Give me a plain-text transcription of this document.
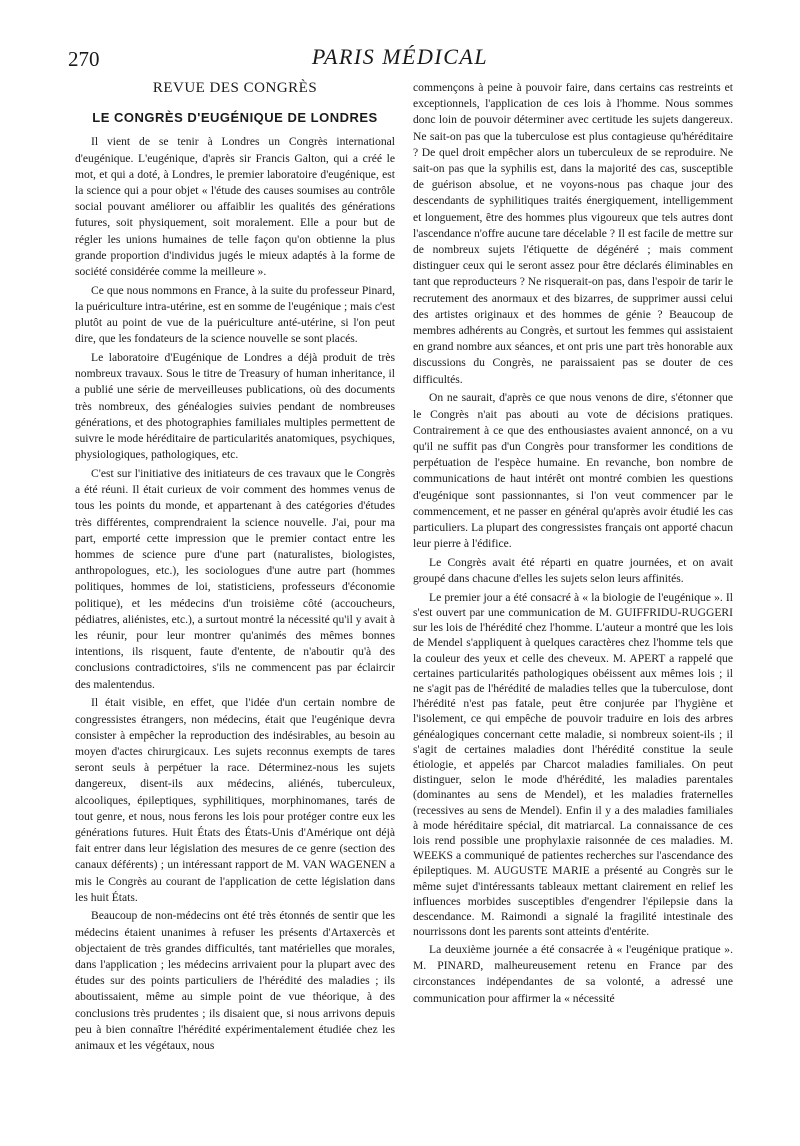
270	PARIS MÉDICAL
REVUE DES CONGRÈS
LE CONGRÈS D'EUGÉNIQUE DE LONDRES

Il vient de se tenir à Londres un Congrès international d'eugénique. L'eugénique, d'après sir Francis Galton, qui a créé le mot, et qui a doté, à Londres, le premier laboratoire d'eugénique, est la science qui a pour objet « l'étude des causes soumises au contrôle social pouvant améliorer ou affaiblir les qualités des générations futures, soit physiquement, soit moralement. Elle a pour but de régler les unions humaines de telle façon qu'on obtienne la plus grande proportion d'individus jugés le mieux adaptés à la forme de société considérée comme la meilleure ».

Ce que nous nommons en France, à la suite du professeur Pinard, la puériculture intra-utérine, est en somme de l'eugénique ; mais c'est plutôt au point de vue de la puériculture anté-utérine, si l'on peut dire, que les fondateurs de la science nouvelle se sont placés.

Le laboratoire d'Eugénique de Londres a déjà produit de très nombreux travaux. Sous le titre de Treasury of human inheritance, il a publié une série de merveilleuses publications, où des documents très nombreux, des généalogies suivies pendant de nombreuses générations, et des photographies familiales multiples permettent de suivre le mode héréditaire de particularités anatomiques, psychiques, physiologiques, pathologiques, etc.

C'est sur l'initiative des initiateurs de ces travaux que le Congrès a été réuni. Il était curieux de voir comment des hommes venus de tous les points du monde, et appartenant à des catégories d'études très différentes, comprendraient la science nouvelle. J'ai, pour ma part, emporté cette impression que le premier contact entre les hommes de science pure d'une part (naturalistes, biologistes, anthropologues, etc.), les sociologues d'une autre part (hommes politiques, hommes de loi, statisticiens, professeurs d'économie politique), et les médecins d'un troisième côté (accoucheurs, pédiatres, aliénistes, etc.), a surtout montré la nécessité qu'il y avait à les réunir, pour leur montrer qu'animés des mêmes bonnes intentions, ils risquent, faute d'entente, de n'aboutir qu'à des conclusions contradictoires, s'ils ne commencent pas par éclaircir des malentendus.

Il était visible, en effet, que l'idée d'un certain nombre de congressistes étrangers, non médecins, était que l'eugénique devra consister à empêcher la reproduction des indésirables, au besoin au moyen d'actes chirurgicaux. Les sujets reconnus exempts de tares seront seuls à perpétuer la race. Déterminez-nous les sujets dangereux, disent-ils aux médecins, aliénés, tuberculeux, alcooliques, épileptiques, syphilitiques, morphinomanes, tarés de tout genre, et nous, nous ferons les lois pour protéger contre eux les générations futures. Huit États des États-Unis d'Amérique ont déjà fait entrer dans leur législation des mesures de ce genre (section des canaux déférents) ; un intéressant rapport de M. VAN WAGENEN a mis le Congrès au courant de l'application de cette législation dans les huit États.

Beaucoup de non-médecins ont été très étonnés de sentir que les médecins étaient unanimes à refuser les présents d'Artaxercès et objectaient de très grandes difficultés, tant matérielles que morales, dans l'application ; les médecins arrivaient pour la plupart avec des études sur des points particuliers de l'hérédité des maladies ; ils aboutissaient, même au simple point de vue théorique, à des conclusions très prudentes ; ils disaient que, si nous arrivons depuis peu à bien connaître l'hérédité expérimentalement étudiée chez les animaux et les végétaux, nous

commençons à peine à pouvoir faire, dans certains cas restreints et exceptionnels, l'application de ces lois à l'homme. Nous sommes donc loin de pouvoir déterminer avec certitude les sujets dangereux. Ne sait-on pas que la tuberculose est plus contagieuse qu'héréditaire ? De quel droit empêcher alors un tuberculeux de se reproduire. Ne sait-on pas que la syphilis est, dans la majorité des cas, susceptible de guérison absolue, et ne voyons-nous pas chaque jour des descendants de syphilitiques traités énergiquement, intelligemment et longuement, être des hommes plus vigoureux que tels autres dont l'ascendance n'offre aucune tare décelable ? Il est facile de mettre sur de nombreux sujets l'étiquette de dégénéré ; mais comment distinguer ceux qui le seront assez pour être déclarés éliminables en tant que reproducteurs ? Ne risquerait-on pas, dans l'espoir de tarir le recrutement des anormaux et des bizarres, de supprimer aussi celui des artistes originaux et des hommes de génie ? Beaucoup de membres adhérents au Congrès, et surtout les femmes qui assistaient en grand nombre aux séances, et ont pris une part très honorable aux discussions du Congrès, ne paraissaient pas se douter de ces difficultés.

On ne saurait, d'après ce que nous venons de dire, s'étonner que le Congrès n'ait pas abouti au vote de décisions pratiques. Contrairement à ce que des enthousiastes avaient annoncé, on a vu qu'il ne suffit pas d'un Congrès pour transformer les conditions de perpétuation de l'espèce humaine. En revanche, bon nombre de communications de haut intérêt ont montré combien les questions d'eugénique sont passionnantes, si l'on veut commencer par le commencement, et ne passer en général qu'après avoir étudié les cas particuliers. La plupart des congressistes français ont apporté chacun leur pierre à l'édifice.

Le Congrès avait été réparti en quatre journées, et on avait groupé dans chacune d'elles les sujets selon leurs affinités.

Le premier jour a été consacré à « la biologie de l'eugénique ». Il s'est ouvert par une communication de M. GUIFFRIDU-RUGGERI sur les lois de l'hérédité chez l'homme. L'auteur a montré que les lois de Mendel s'appliquent à quelques caractères chez l'homme tels que la couleur des yeux et celle des cheveux. M. APERT a rappelé que certaines particularités pathologiques obéissent aux mêmes lois ; il ne s'agit pas de l'hérédité de maladies telles que la tuberculose, dont l'hérédité n'est pas fatale, peut être conjurée par l'hygiène et l'isolement, ce qui empêche de pouvoir traduire en lois des arbres généalogiques concernant cette maladie, si nombreux soient-ils ; il s'agit de certaines maladies dont l'hérédité constitue la seule étiologie, et appelés par Charcot maladies familiales. On peut distinguer, selon le mode d'hérédité, les maladies parentales (dominantes au sens de Mendel), et les maladies fraternelles (recessives au sens de Mendel). Enfin il y a des maladies familiales à mode héréditaire spécial, dit matriarcal. La connaissance de ces lois rend possible une prophylaxie raisonnée de ces maladies. M. WEEKS a communiqué de patientes recherches sur l'ascendance des épileptiques. M. AUGUSTE MARIE a présenté au Congrès sur le même sujet d'intéressants tableaux mettant clairement en relief les influences morbides susceptibles d'engendrer l'épilepsie dans la descendance. M. Raimondi a signalé la fragilité intestinale des nourrissons dont les parents sont atteints d'entérite.

La deuxième journée a été consacrée à « l'eugénique pratique ». M. PINARD, malheureusement retenu en France par des circonstances indépendantes de sa volonté, a adressé une communication pour affirmer la « nécessité
